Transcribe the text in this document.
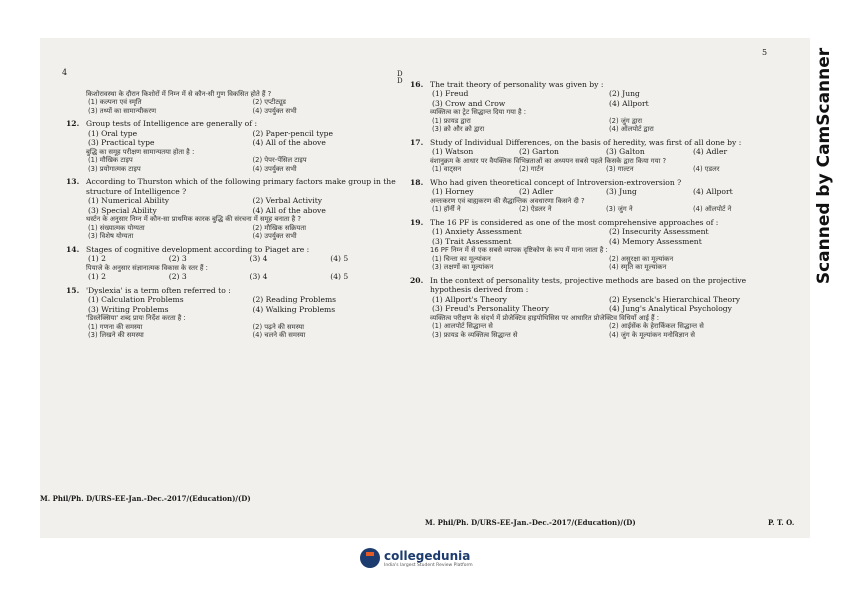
4
5
D
D
किशोरावस्था के दौरान किशोरों में निम्न में से कौन-सी गुण विकसित होते हैं ?
(1) कल्पना एवं स्मृति	(2) एप्टीट्यूड
(3) तथ्यों का सामान्यीकरण	(4) उपर्युक्त सभी
12. Group tests of Intelligence are generally of :
(1) Oral type	(2) Paper-pencil type
(3) Practical type	(4) All of the above
बुद्धि का समूह परीक्षण सामान्यतया होता है :
(1) मौखिक टाइप	(2) पेपर-पेंसिल टाइप
(3) प्रयोगात्मक टाइप	(4) उपर्युक्त सभी
13. According to Thurston which of the following primary factors make group in the structure of Intelligence ?
(1) Numerical Ability	(2) Verbal Activity
(3) Special Ability	(4) All of the above
थर्स्टन के अनुसार निम्न में कौन-सा प्राथमिक कारक बुद्धि की संरचना में समूह बनाता है ?
(1) संख्यात्मक योग्यता	(2) मौखिक सक्रियता
(3) विशेष योग्यता	(4) उपर्युक्त सभी
14. Stages of cognitive development according to Piaget are :
(1) 2	(2) 3	(3) 4	(4) 5
पियाजे के अनुसार संज्ञानात्मक विकास के स्तर हैं :
(1) 2	(2) 3	(3) 4	(4) 5
15. 'Dyslexia' is a term often referred to :
(1) Calculation Problems	(2) Reading Problems
(3) Writing Problems	(4) Walking Problems
'डिस्लेक्सिया' शब्द प्रायः निर्देश करता है :
(1) गणना की समस्या	(2) पढ़ने की समस्या
(3) लिखने की समस्या	(4) चलने की समस्या
M. Phil/Ph. D/URS-EE-Jan.-Dec.-2017/(Education)/(D)
16. The trait theory of personality was given by :
(1) Freud	(2) Jung
(3) Crow and Crow	(4) Allport
व्यक्तित्व का ट्रेट सिद्धान्त दिया गया है :
(1) फ्रायड द्वारा	(2) जुंग द्वारा
(3) क्रो और क्रो द्वारा	(4) ऑलपोर्ट द्वारा
17. Study of Individual Differences, on the basis of heredity, was first of all done by :
(1) Watson	(2) Garton	(3) Galton	(4) Adler
वंशानुक्रम के आधार पर वैयक्तिक विभिन्नताओं का अध्ययन सबसे पहले किसके द्वारा किया गया ?
(1) वाट्सन	(2) गार्टन	(3) गाल्टन	(4) एडलर
18. Who had given theoretical concept of Introversion-extroversion ?
(1) Horney	(2) Adler	(3) Jung	(4) Allport
अन्तःकरण एवं बाह्यकरण की सैद्धान्तिक अवधारणा किसने दी ?
(1) हॉर्नी ने	(2) ऐडलर ने	(3) जुंग ने	(4) ऑलपोर्ट ने
19. The 16 PF is considered as one of the most comprehensive approaches of :
(1) Anxiety Assessment	(2) Insecurity Assessment
(3) Trait Assessment	(4) Memory Assessment
16 PF निम्न में से एक सबसे व्यापक दृष्टिकोण के रूप में माना जाता है :
(1) चिन्ता का मूल्यांकन	(2) असुरक्षा का मूल्यांकन
(3) लक्षणों का मूल्यांकन	(4) स्मृति का मूल्यांकन
20. In the context of personality tests, projective methods are based on the projective hypothesis derived from :
(1) Allport's Theory	(2) Eysenck's Hierarchical Theory
(3) Freud's Personality Theory	(4) Jung's Analytical Psychology
व्यक्तित्व परीक्षण के संदर्भ में प्रोजेक्टिव हाइपोथिसिस पर आधारित प्रोजेक्टिव विधियाँ आई हैं :
(1) आलपोर्ट सिद्धान्त से	(2) आईसेंक के हेरार्किकल सिद्धान्त से
(3) फ्रायड के व्यक्तित्व सिद्धान्त से	(4) जुंग के मूल्यांकन मनोविज्ञान से
M. Phil/Ph. D/URS-EE-Jan.-Dec.-2017/(Education)/(D)	P. T. O.
Scanned by CamScanner
collegedunia
India's largest Student Review Platform
